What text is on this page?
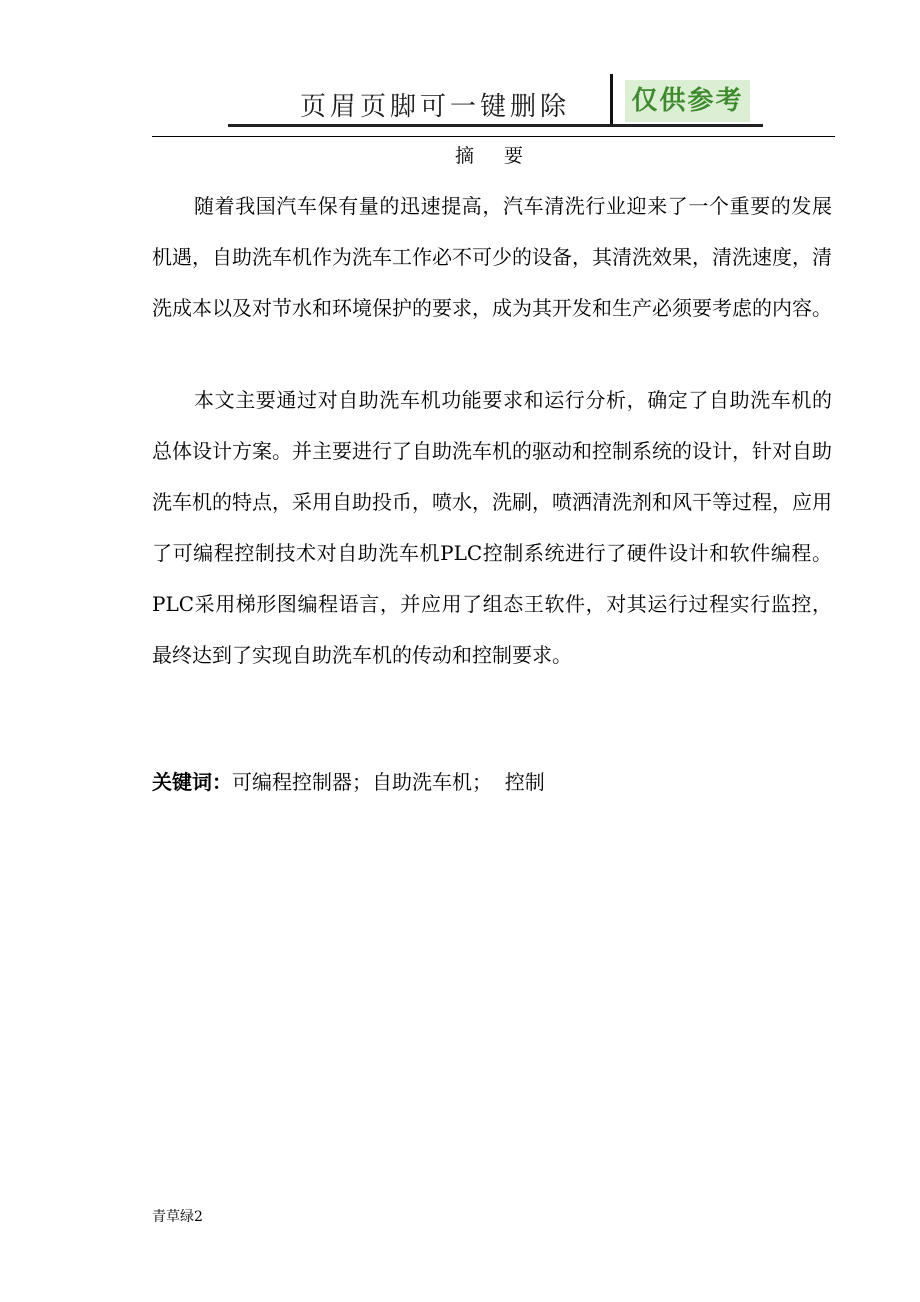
页眉页脚可一键删除 仅供参考
摘 要

随着我国汽车保有量的迅速提高，汽车清洗行业迎来了一个重要的发展机遇，自助洗车机作为洗车工作必不可少的设备，其清洗效果，清洗速度，清洗成本以及对节水和环境保护的要求，成为其开发和生产必须要考虑的内容。

本文主要通过对自助洗车机功能要求和运行分析，确定了自助洗车机的总体设计方案。并主要进行了自助洗车机的驱动和控制系统的设计，针对自助洗车机的特点，采用自助投币，喷水，洗刷，喷洒清洗剂和风干等过程，应用了可编程控制技术对自助洗车机PLC控制系统进行了硬件设计和软件编程。PLC采用梯形图编程语言，并应用了组态王软件，对其运行过程实行监控，最终达到了实现自助洗车机的传动和控制要求。

关键词：可编程控制器；自助洗车机；  控制
青草绿2
